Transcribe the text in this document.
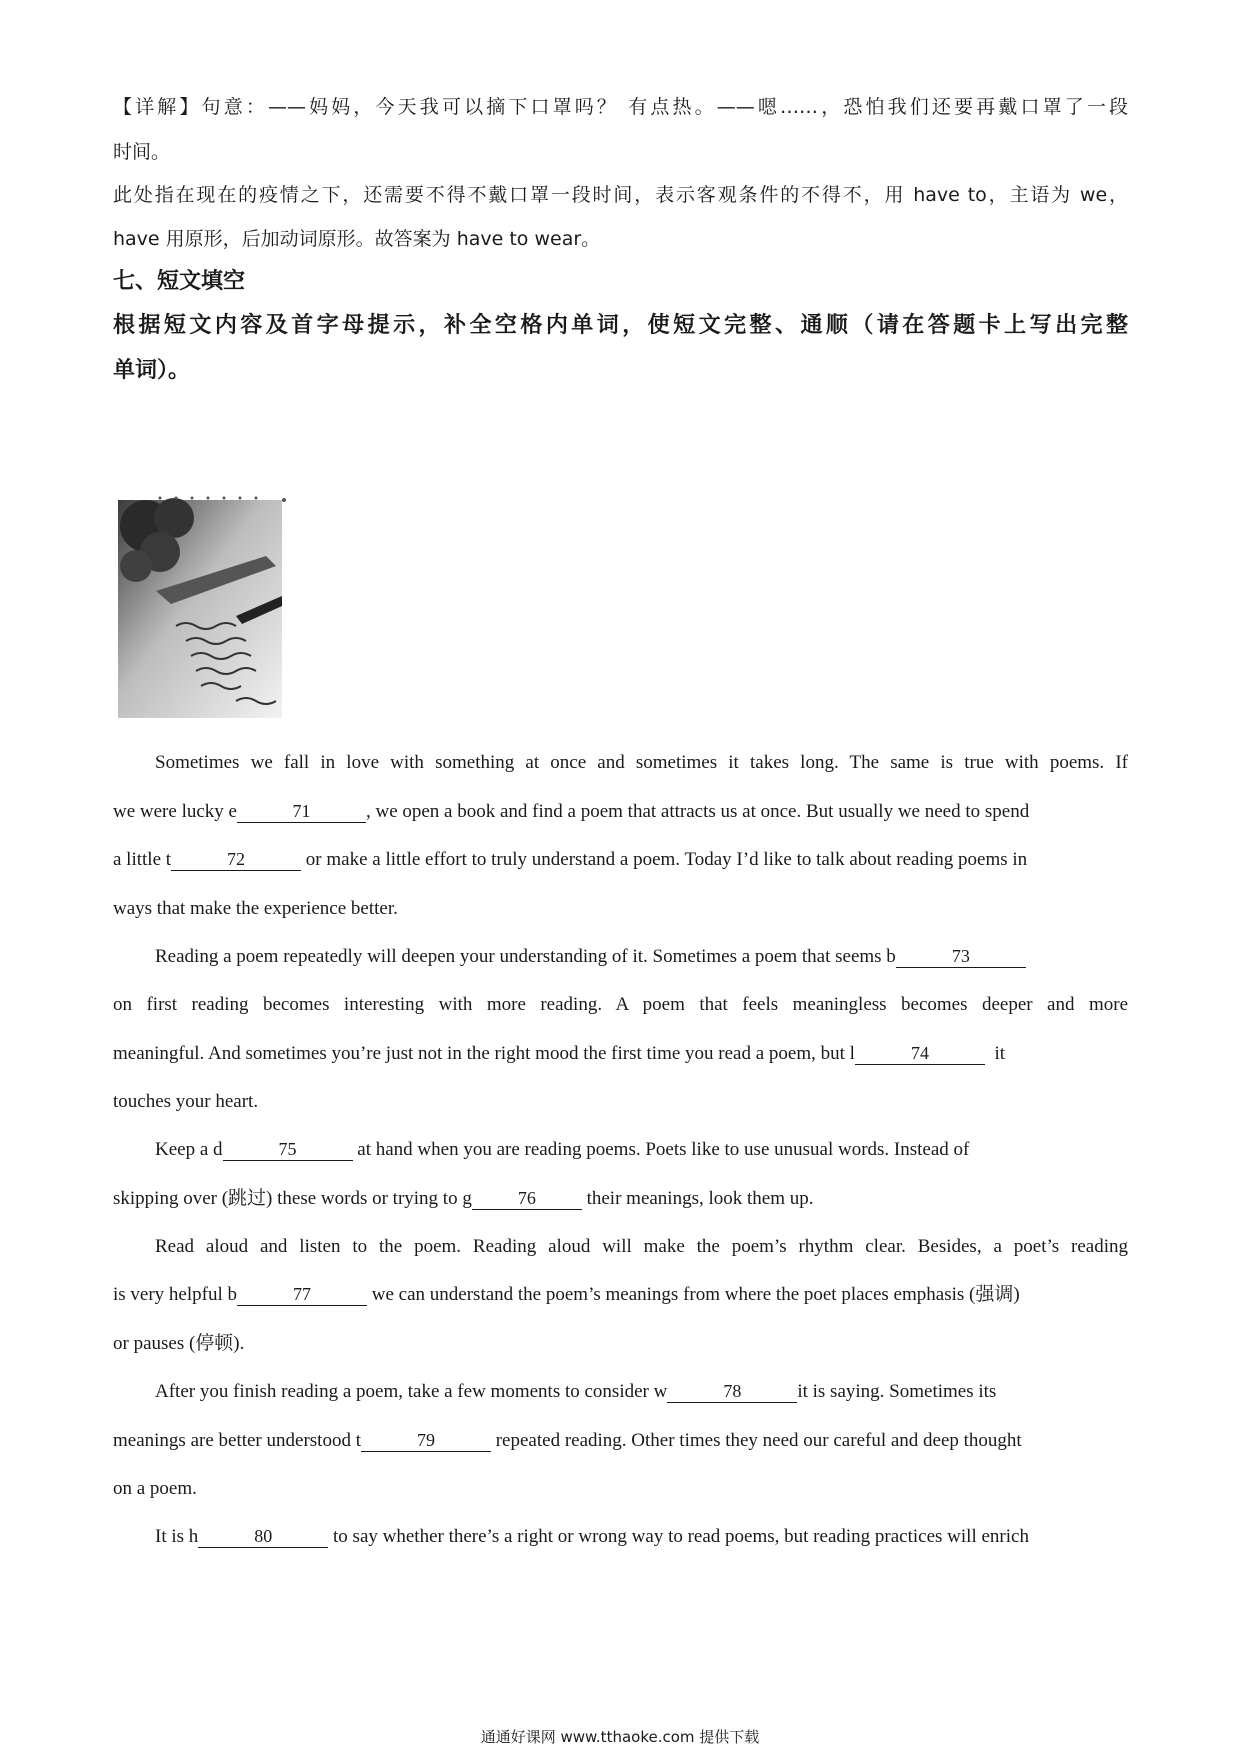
【详解】句意：——妈妈，今天我可以摘下口罩吗？ 有点热。——嗯……，恐怕我们还要再戴口罩了一段
时间。
此处指在现在的疫情之下，还需要不得不戴口罩一段时间，表示客观条件的不得不，用 have to，主语为 we，
have 用原形，后加动词原形。故答案为 have to wear。
七、短文填空
根据短文内容及首字母提示，补全空格内单词，使短文完整、通顺（请在答题卡上写出完整
单词）。
Sometimes we fall in love with something at once and sometimes it takes long. The same is true with poems. If
we were lucky e	71	, we open a book and find a poem that attracts us at once. But usually we need to spend
a little t	72	or make a little effort to truly understand a poem. Today I’d like to talk about reading poems in
ways that make the experience better.
Reading a poem repeatedly will deepen your understanding of it. Sometimes a poem that seems b	73
on first reading becomes interesting with more reading. A poem that feels meaningless becomes deeper and more
meaningful. And sometimes you’re just not in the right mood the first time you read a poem, but l	74	it
touches your heart.
Keep a d	75	at hand when you are reading poems. Poets like to use unusual words. Instead of
skipping over (跳过) these words or trying to g	76	their meanings, look them up.
Read aloud and listen to the poem. Reading aloud will make the poem’s rhythm clear. Besides, a poet’s reading
is very helpful b	77	we can understand the poem’s meanings from where the poet places emphasis (强调)
or pauses (停顿).
After you finish reading a poem, take a few moments to consider w	78	it is saying. Sometimes its
meanings are better understood t	79	repeated reading. Other times they need our careful and deep thought
on a poem.
It is h	80	to say whether there’s a right or wrong way to read poems, but reading practices will enrich
通通好课网 www.tthaoke.com 提供下载
